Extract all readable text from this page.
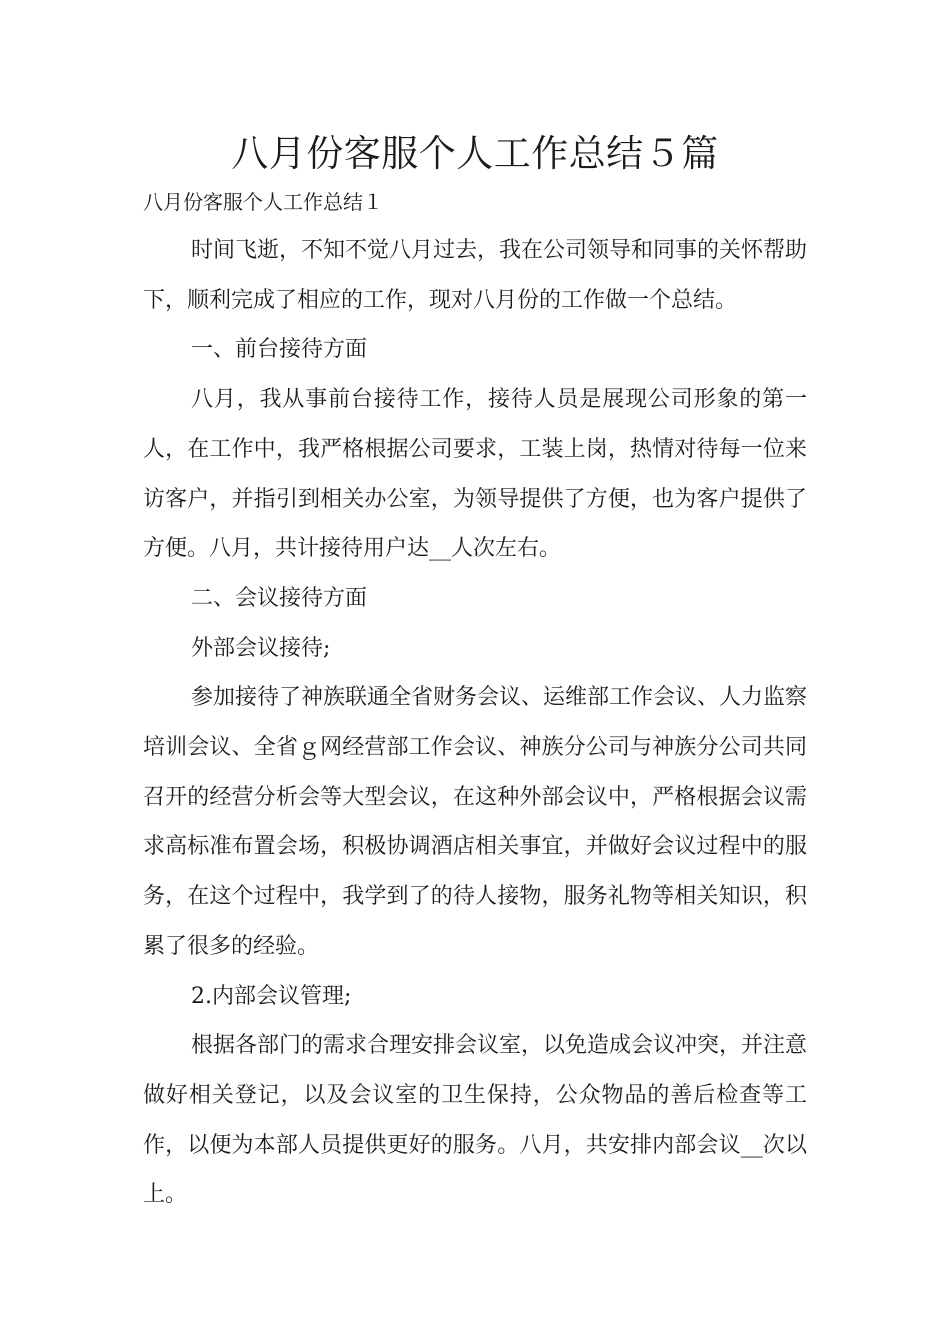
八月份客服个人工作总结５篇

八月份客服个人工作总结１

时间飞逝，不知不觉八月过去，我在公司领导和同事的关怀帮助下，顺利完成了相应的工作，现对八月份的工作做一个总结。

一、前台接待方面

八月，我从事前台接待工作，接待人员是展现公司形象的第一人，在工作中，我严格根据公司要求，工装上岗，热情对待每一位来访客户，并指引到相关办公室，为领导提供了方便，也为客户提供了方便。八月，共计接待用户达__人次左右。

二、会议接待方面

外部会议接待;

参加接待了神族联通全省财务会议、运维部工作会议、人力监察培训会议、全省ｇ网经营部工作会议、神族分公司与神族分公司共同召开的经营分析会等大型会议，在这种外部会议中，严格根据会议需求高标准布置会场，积极协调酒店相关事宜，并做好会议过程中的服务，在这个过程中，我学到了的待人接物，服务礼物等相关知识，积累了很多的经验。

2.内部会议管理;

根据各部门的需求合理安排会议室，以免造成会议冲突，并注意做好相关登记，以及会议室的卫生保持，公众物品的善后检查等工作，以便为本部人员提供更好的服务。八月，共安排内部会议__次以上。
